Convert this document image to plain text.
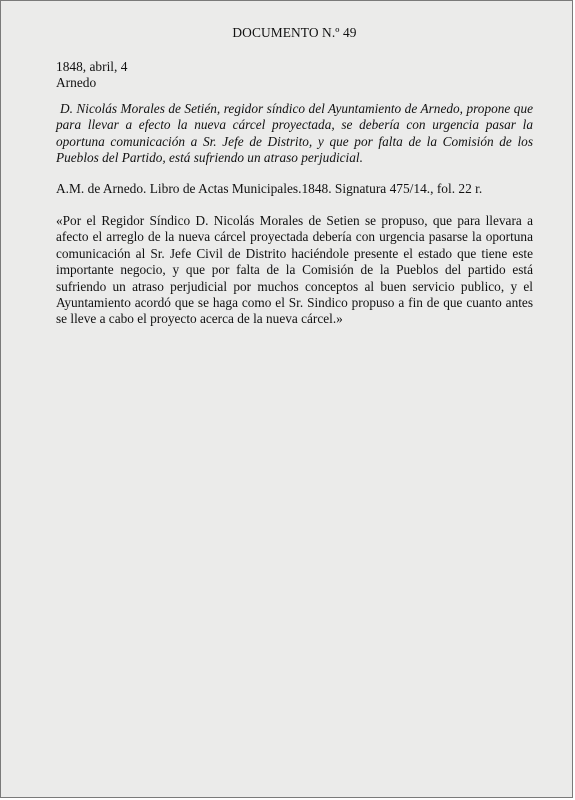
DOCUMENTO N.º 49
1848, abril, 4
Arnedo

D. Nicolás Morales de Setién, regidor síndico del Ayuntamiento de Arnedo, propone que para llevar a efecto la nueva cárcel proyectada, se debería con urgencia pasar la oportuna comunicación a Sr. Jefe de Distrito, y que por falta de la Comisión de los Pueblos del Partido, está sufriendo un atraso perjudicial.

A.M. de Arnedo. Libro de Actas Municipales.1848. Signatura 475/14., fol. 22 r.

«Por el Regidor Síndico D. Nicolás Morales de Setien se propuso, que para llevara a afecto el arreglo de la nueva cárcel proyectada debería con urgencia pasarse la oportuna comunicación al Sr. Jefe Civil de Distrito haciéndole presente el estado que tiene este importante negocio, y que por falta de la Comisión de la Pueblos del partido está sufriendo un atraso perjudicial por muchos conceptos al buen servicio publico, y el Ayuntamiento acordó que se haga como el Sr. Sindico propuso a fin de que cuanto antes se lleve a cabo el proyecto acerca de la nueva cárcel.»
